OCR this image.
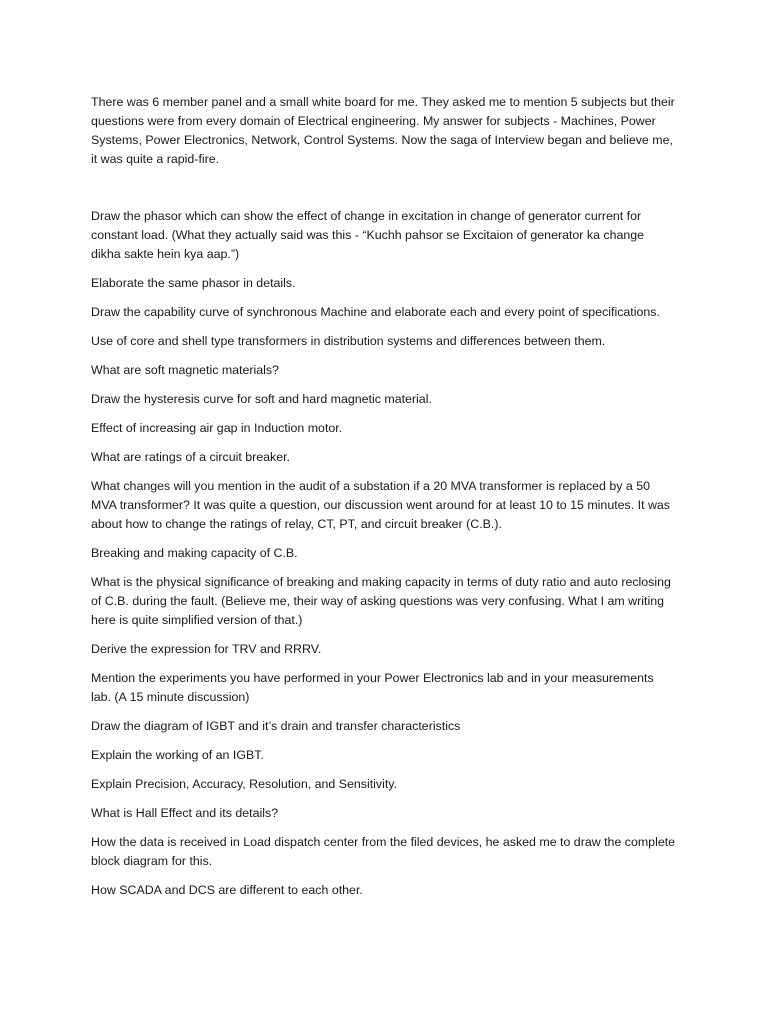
There was 6 member panel and a small white board for me. They asked me to mention 5 subjects but their questions were from every domain of Electrical engineering. My answer for subjects - Machines, Power Systems, Power Electronics, Network, Control Systems. Now the saga of Interview began and believe me, it was quite a rapid-fire.

Draw the phasor which can show the effect of change in excitation in change of generator current for constant load. (What they actually said was this - “Kuchh pahsor se Excitaion of generator ka change dikha sakte hein kya aap.”)

Elaborate the same phasor in details.

Draw the capability curve of synchronous Machine and elaborate each and every point of specifications.

Use of core and shell type transformers in distribution systems and differences between them.

What are soft magnetic materials?

Draw the hysteresis curve for soft and hard magnetic material.

Effect of increasing air gap in Induction motor.

What are ratings of a circuit breaker.

What changes will you mention in the audit of a substation if a 20 MVA transformer is replaced by a 50 MVA transformer? It was quite a question, our discussion went around for at least 10 to 15 minutes. It was about how to change the ratings of relay, CT, PT, and circuit breaker (C.B.).

Breaking and making capacity of C.B.

What is the physical significance of breaking and making capacity in terms of duty ratio and auto reclosing of C.B. during the fault. (Believe me, their way of asking questions was very confusing. What I am writing here is quite simplified version of that.)

Derive the expression for TRV and RRRV.

Mention the experiments you have performed in your Power Electronics lab and in your measurements lab. (A 15 minute discussion)

Draw the diagram of IGBT and it’s drain and transfer characteristics

Explain the working of an IGBT.

Explain Precision, Accuracy, Resolution, and Sensitivity.

What is Hall Effect and its details?

How the data is received in Load dispatch center from the filed devices, he asked me to draw the complete block diagram for this.

How SCADA and DCS are different to each other.
